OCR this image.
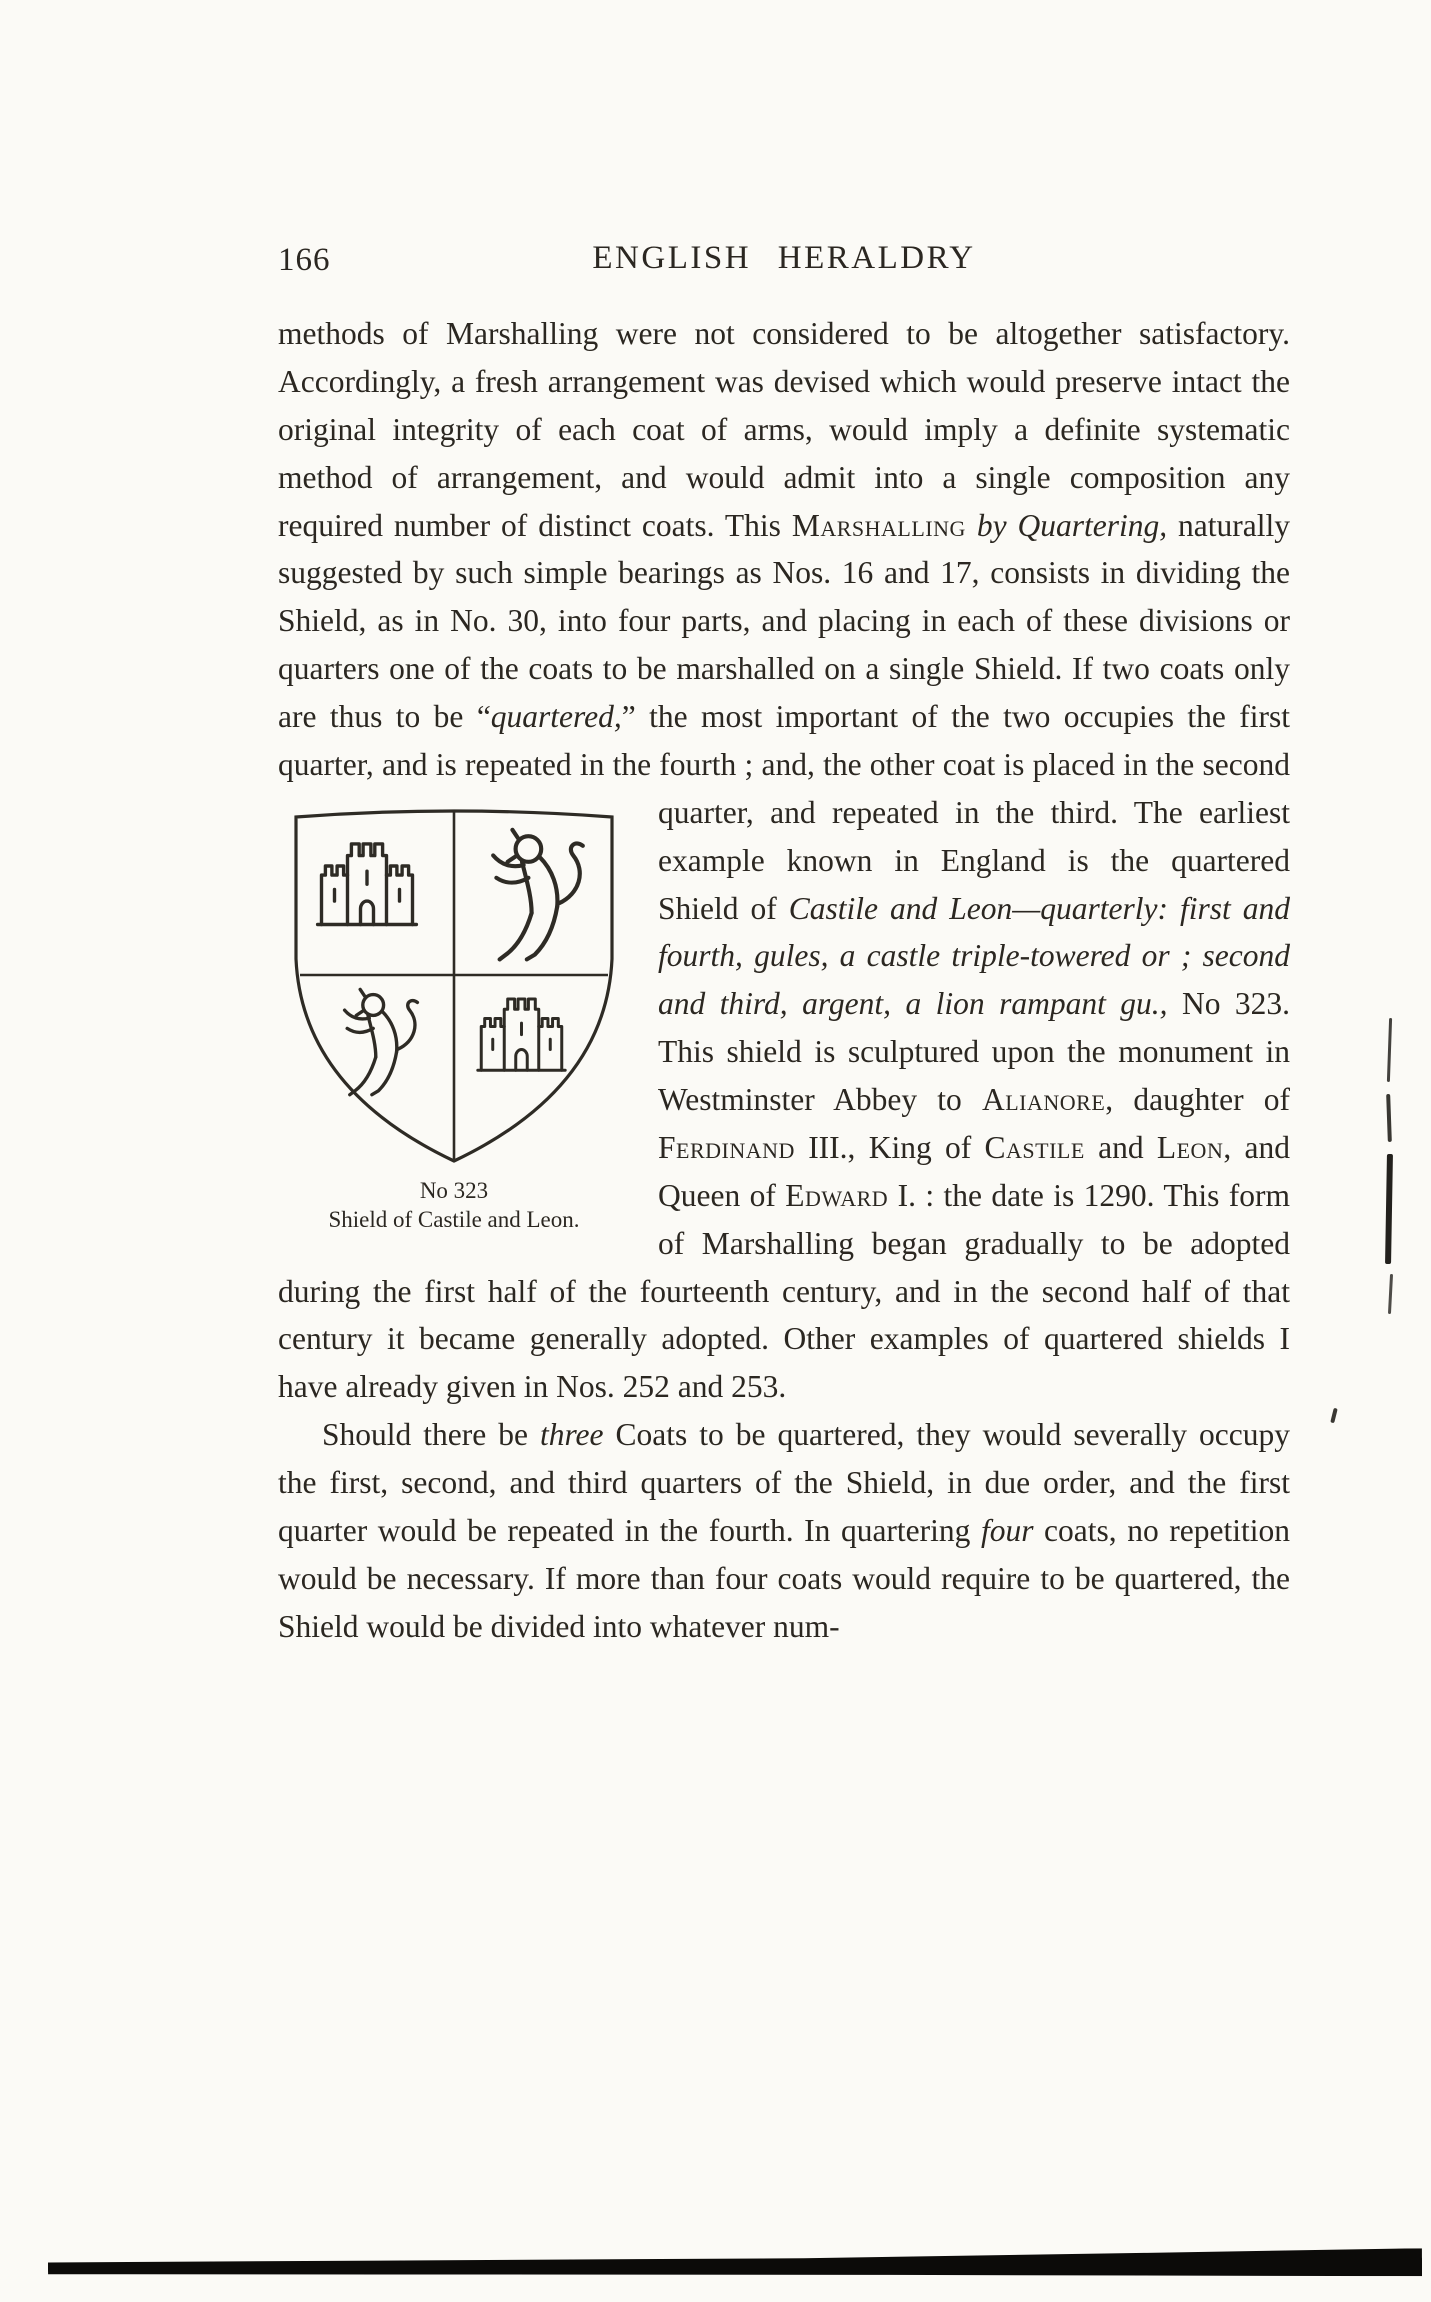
166	ENGLISH HERALDRY

methods of Marshalling were not considered to be altogether satisfactory. Accordingly, a fresh arrangement was devised which would preserve intact the original integrity of each coat of arms, would imply a definite systematic method of arrangement, and would admit into a single composition any required number of distinct coats. This Marshalling by Quartering, naturally suggested by such simple bearings as Nos. 16 and 17, consists in dividing the Shield, as in No. 30, into four parts, and placing in each of these divisions or quarters one of the coats to be marshalled on a single Shield. If two coats only are thus to be “quartered,” the most important of the two occupies the first quarter, and is repeated in the fourth ; and, the other coat is placed in the
No 323
Shield of Castile and Leon.
second quarter, and repeated in the third. The earliest example known in England is the quartered Shield of Castile and Leon—quarterly: first and fourth, gules, a castle triple-towered or ; second and third, argent, a lion rampant gu., No 323. This shield is sculptured upon the monument in Westminster Abbey to Alianore, daughter of Ferdinand III., King of Castile and Leon, and Queen of Edward I. : the date is 1290. This form of Marshalling began gradually to be adopted during the first half of the fourteenth century, and in the second half of that century it became generally adopted. Other examples of quartered shields I have already given in Nos. 252 and 253.

Should there be three Coats to be quartered, they would severally occupy the first, second, and third quarters of the Shield, in due order, and the first quarter would be repeated in the fourth. In quartering four coats, no repetition would be necessary. If more than four coats would require to be quartered, the Shield would be divided into whatever num-
